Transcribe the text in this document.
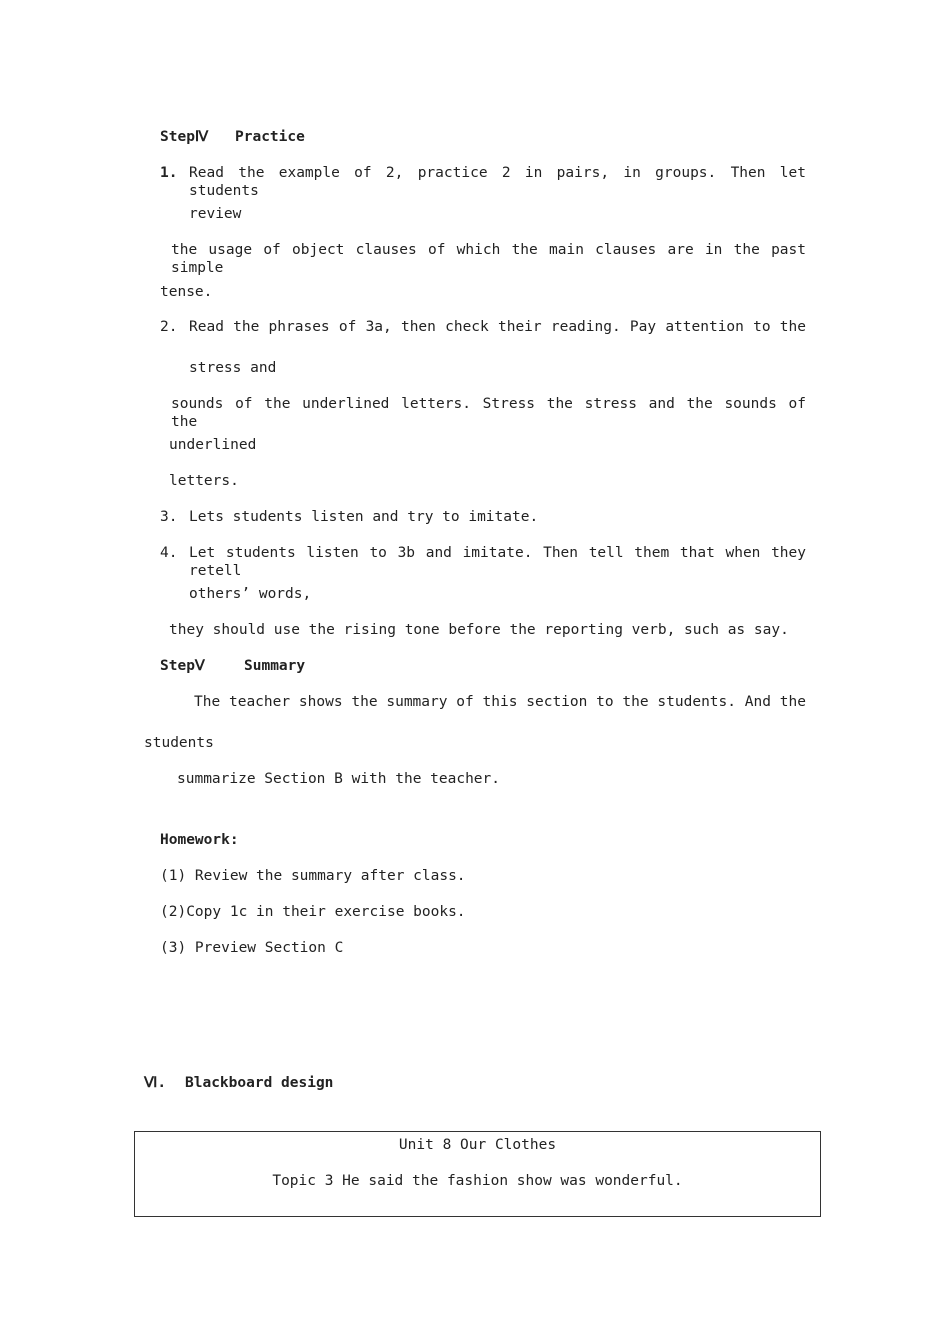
StepⅣ Practice
1. Read the example of 2, practice 2 in pairs, in groups. Then let students
review
the usage of object clauses of which the main clauses are in the past simple
tense.
2. Read the phrases of 3a, then check their reading. Pay attention to the
stress and
sounds of the underlined letters. Stress the stress and the sounds of the
underlined
letters.
3. Lets students listen and try to imitate.
4. Let students listen to 3b and imitate. Then tell them that when they retell
others’ words,
they should use the rising tone before the reporting verb, such as say.
StepⅤ	Summary
The teacher shows the summary of this section to the students. And the
students
summarize Section B with the teacher.
Homework:
(1) Review the summary after class.
(2)Copy 1c in their exercise books.
(3) Preview Section C
Ⅵ. Blackboard design
Unit 8 Our Clothes
Topic 3 He said the fashion show was wonderful.
